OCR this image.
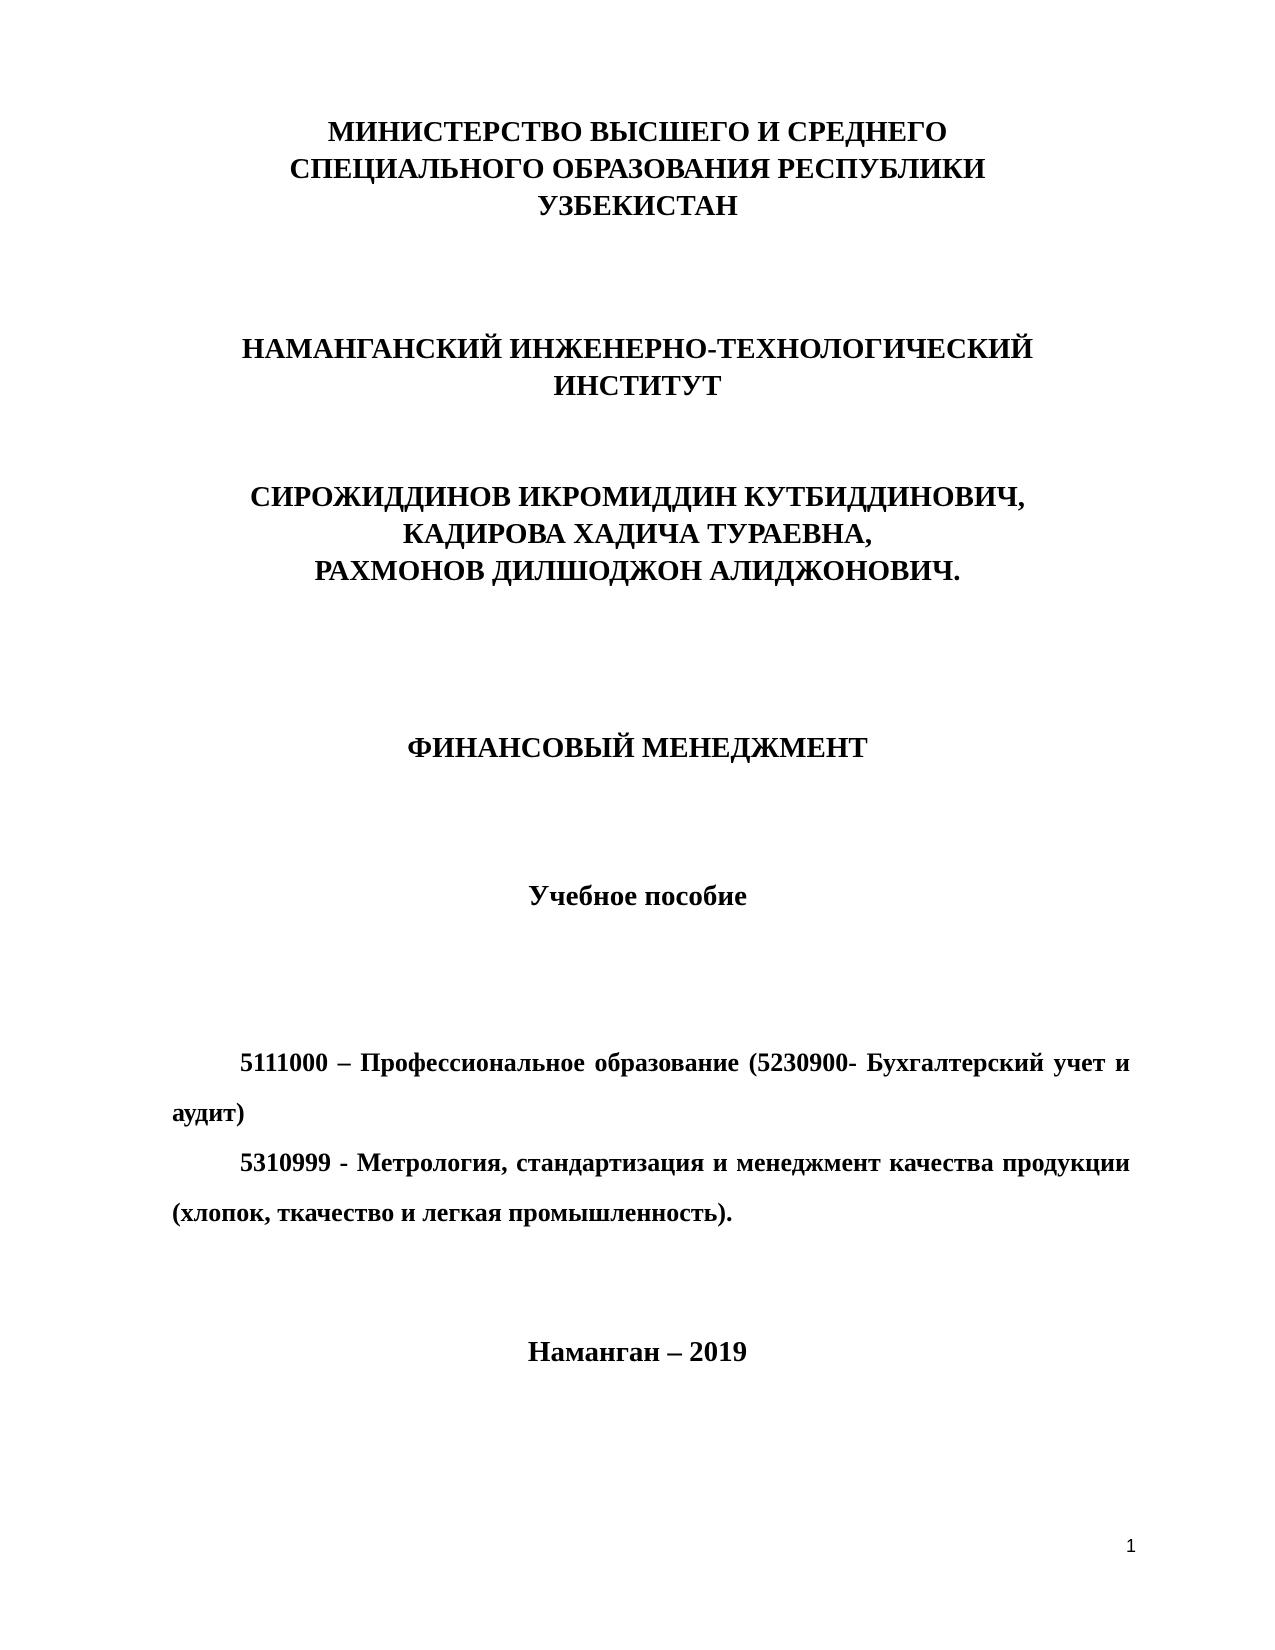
МИНИСТЕРСТВО ВЫСШЕГО И СРЕДНЕГО
СПЕЦИАЛЬНОГО ОБРАЗОВАНИЯ РЕСПУБЛИКИ
УЗБЕКИСТАН
НАМАНГАНСКИЙ ИНЖЕНЕРНО-ТЕХНОЛОГИЧЕСКИЙ
ИНСТИТУТ
СИРОЖИДДИНОВ ИКРОМИДДИН КУТБИДДИНОВИЧ,
КАДИРОВА ХАДИЧА ТУРАЕВНА,
РАХМОНОВ ДИЛШОДЖОН АЛИДЖОНОВИЧ.
ФИНАНСОВЫЙ МЕНЕДЖМЕНТ
Учебное пособие

5111000 – Профессиональное образование (5230900- Бухгалтерский учет и аудит)

5310999 - Метрология, стандартизация и менеджмент качества продукции (хлопок, ткачество и легкая промышленность).

Наманган – 2019
1
